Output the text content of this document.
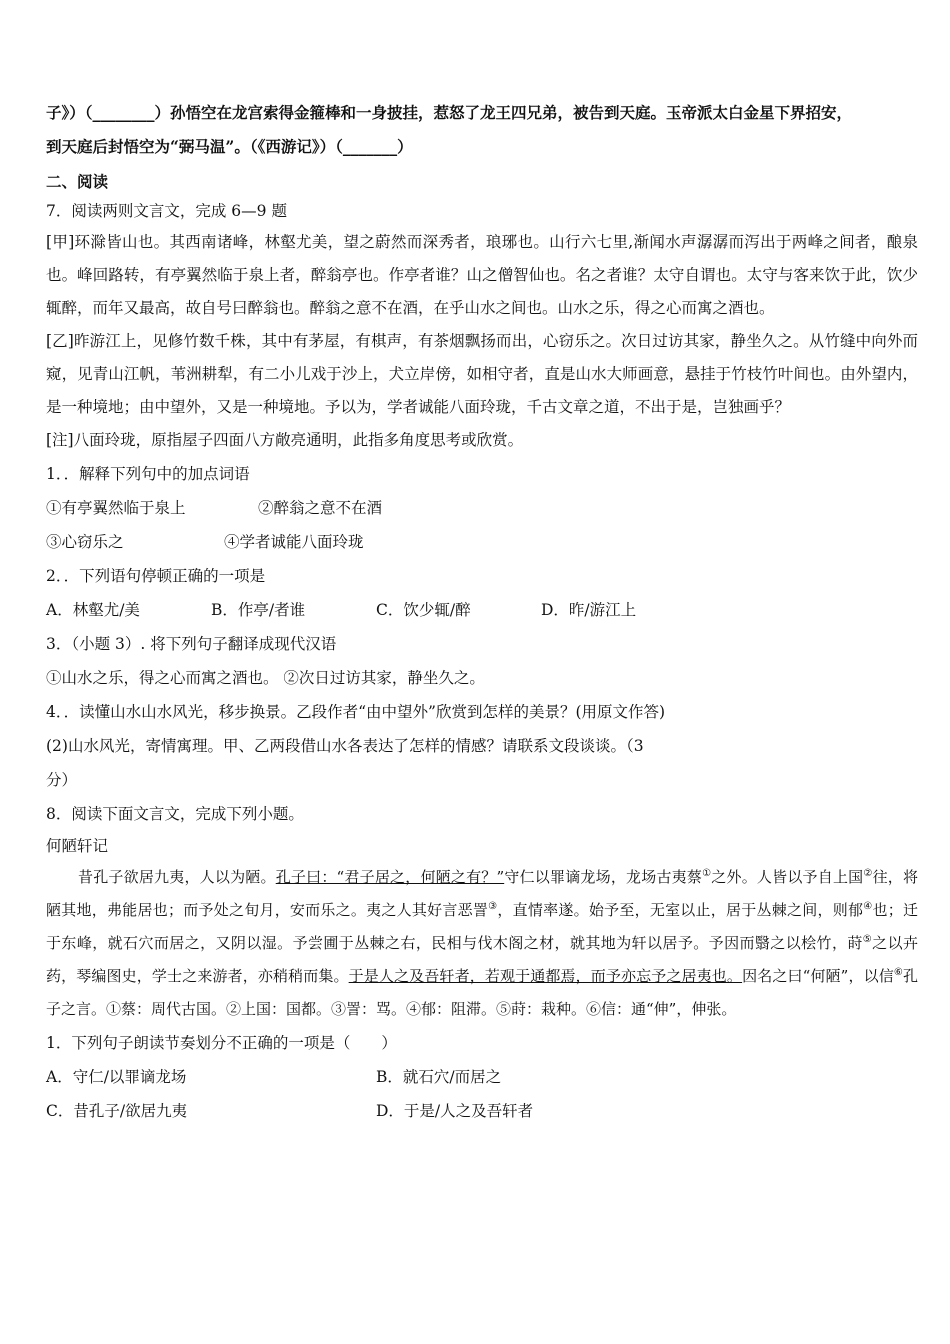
子》）（________）孙悟空在龙宫索得金箍棒和一身披挂，惹怒了龙王四兄弟，被告到天庭。玉帝派太白金星下界招安，
到天庭后封悟空为“弼马温”。（《西游记》）（_______）
二、阅读
7．阅读两则文言文，完成 6—9 题
[甲]环滁皆山也。其西南诸峰，林壑尤美，望之蔚然而深秀者，琅琊也。山行六七里,渐闻水声潺潺而泻出于两峰之间者，酿泉也。峰回路转，有亭翼然临于泉上者，醉翁亭也。作亭者谁？山之僧智仙也。名之者谁？太守自谓也。太守与客来饮于此，饮少辄醉，而年又最高，故自号曰醉翁也。醉翁之意不在酒，在乎山水之间也。山水之乐，得之心而寓之酒也。
[乙]昨游江上，见修竹数千株，其中有茅屋，有棋声，有茶烟飘扬而出，心窃乐之。次日过访其家，静坐久之。从竹缝中向外而窥，见青山江帆，苇洲耕犁，有二小儿戏于沙上，犬立岸傍，如相守者，直是山水大师画意，悬挂于竹枝竹叶间也。由外望内，是一种境地；由中望外，又是一种境地。予以为，学者诚能八面玲珑，千古文章之道，不出于是，岂独画乎？
[注]八面玲珑，原指屋子四面八方敞亮通明，此指多角度思考或欣赏。
1．．解释下列句中的加点词语
①有亭翼然临于泉上	②醉翁之意不在酒
③心窃乐之	④学者诚能八面玲珑
2．．下列语句停顿正确的一项是
A．林壑尤/美	B．作亭/者谁	C．饮少辄/醉	D．昨/游江上
3．（小题 3）. 将下列句子翻译成现代汉语
①山水之乐，得之心而寓之酒也。 ②次日过访其家，静坐久之。
4．．读懂山水山水风光，移步换景。乙段作者“由中望外”欣赏到怎样的美景？(用原文作答)
(2)山水风光，寄情寓理。甲、乙两段借山水各表达了怎样的情感？请联系文段谈谈。（3
分）
8．阅读下面文言文，完成下列小题。
何陋轩记
昔孔子欲居九夷，人以为陋。孔子曰：“君子居之，何陋之有？”守仁以罪谪龙场，龙场古夷蔡①之外。人皆以予自上国②往，将陋其地，弗能居也；而予处之旬月，安而乐之。夷之人其好言恶詈③，直情率遂。始予至，无室以止，居于丛棘之间，则郁④也；迁于东峰，就石穴而居之，又阴以湿。予尝圃于丛棘之右，民相与伐木阁之材，就其地为轩以居予。予因而翳之以桧竹，莳⑤之以卉药，琴编图史，学士之来游者，亦稍稍而集。于是人之及吾轩者，若观于通都焉，而予亦忘予之居夷也。因名之曰“何陋”，以信⑥孔子之言。①蔡：周代古国。②上国：国都。③詈：骂。④郁：阻滞。⑤莳：栽种。⑥信：通“伸”，伸张。
1．下列句子朗读节奏划分不正确的一项是（　　）
A．守仁/以罪谪龙场	B．就石穴/而居之
C．昔孔子/欲居九夷	D．于是/人之及吾轩者
